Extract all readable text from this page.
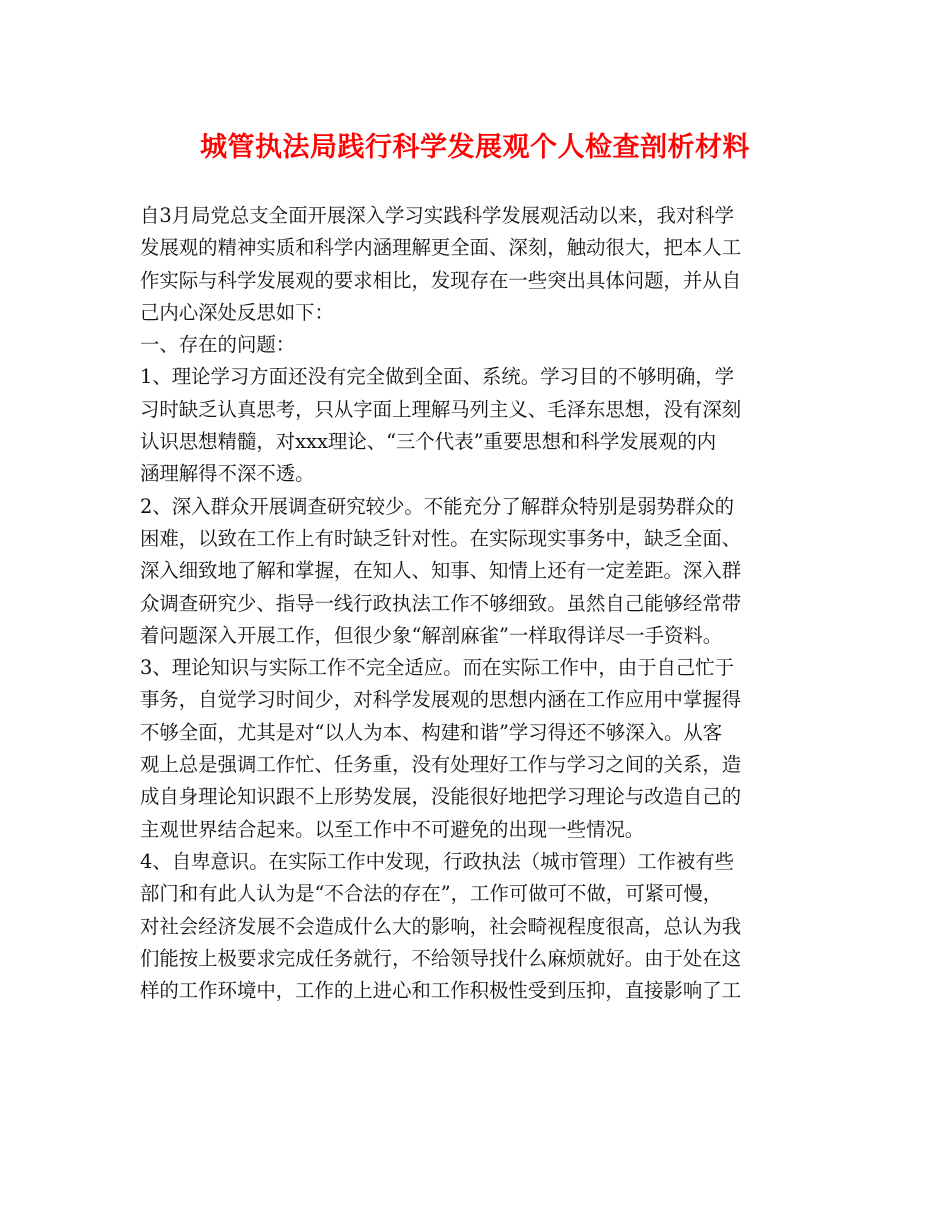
城管执法局践行科学发展观个人检查剖析材料
自3月局党总支全面开展深入学习实践科学发展观活动以来，我对科学
发展观的精神实质和科学内涵理解更全面、深刻，触动很大，把本人工
作实际与科学发展观的要求相比，发现存在一些突出具体问题，并从自
己内心深处反思如下：
一、存在的问题：
1、理论学习方面还没有完全做到全面、系统。学习目的不够明确，学
习时缺乏认真思考，只从字面上理解马列主义、毛泽东思想，没有深刻
认识思想精髓，对xxx理论、“三个代表”重要思想和科学发展观的内
涵理解得不深不透。
2、深入群众开展调查研究较少。不能充分了解群众特别是弱势群众的
困难，以致在工作上有时缺乏针对性。在实际现实事务中，缺乏全面、
深入细致地了解和掌握，在知人、知事、知情上还有一定差距。深入群
众调查研究少、指导一线行政执法工作不够细致。虽然自己能够经常带
着问题深入开展工作，但很少象“解剖麻雀”一样取得详尽一手资料。
3、理论知识与实际工作不完全适应。而在实际工作中，由于自己忙于
事务，自觉学习时间少，对科学发展观的思想内涵在工作应用中掌握得
不够全面，尤其是对“以人为本、构建和谐”学习得还不够深入。从客
观上总是强调工作忙、任务重，没有处理好工作与学习之间的关系，造
成自身理论知识跟不上形势发展，没能很好地把学习理论与改造自己的
主观世界结合起来。以至工作中不可避免的出现一些情况。
4、自卑意识。在实际工作中发现，行政执法（城市管理）工作被有些
部门和有此人认为是“不合法的存在”，工作可做可不做，可紧可慢，
对社会经济发展不会造成什么大的影响，社会畸视程度很高，总认为我
们能按上极要求完成任务就行，不给领导找什么麻烦就好。由于处在这
样的工作环境中，工作的上进心和工作积极性受到压抑，直接影响了工
